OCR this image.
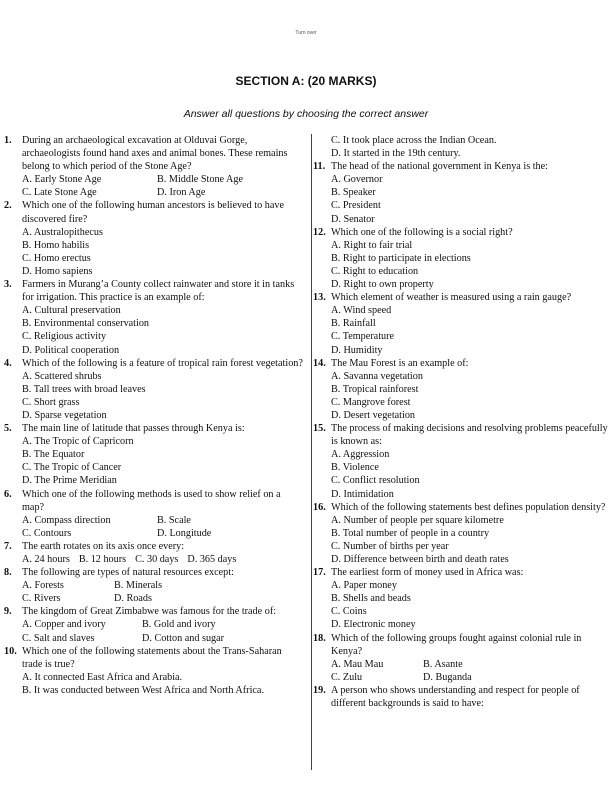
Turn over
SECTION A: (20 MARKS)
Answer all questions by choosing the correct answer
1. During an archaeological excavation at Olduvai Gorge, archaeologists found hand axes and animal bones. These remains belong to which period of the Stone Age?
A. Early Stone Age	B. Middle Stone Age
C. Late Stone Age	D. Iron Age
2. Which one of the following human ancestors is believed to have discovered fire?
A. Australopithecus
B. Homo habilis
C. Homo erectus
D. Homo sapiens
3. Farmers in Murang’a County collect rainwater and store it in tanks for irrigation. This practice is an example of:
A. Cultural preservation
B. Environmental conservation
C. Religious activity
D. Political cooperation
4. Which of the following is a feature of tropical rain forest vegetation?
A. Scattered shrubs
B. Tall trees with broad leaves
C. Short grass
D. Sparse vegetation
5. The main line of latitude that passes through Kenya is:
A. The Tropic of Capricorn
B. The Equator
C. The Tropic of Cancer
D. The Prime Meridian
6. Which one of the following methods is used to show relief on a map?
A. Compass direction	B. Scale
C. Contours	D. Longitude
7. The earth rotates on its axis once every:
A. 24 hours B. 12 hours C. 30 days D. 365 days
8. The following are types of natural resources except:
A. Forests	B. Minerals
C. Rivers	D. Roads
9. The kingdom of Great Zimbabwe was famous for the trade of:
A. Copper and ivory	B. Gold and ivory
C. Salt and slaves	D. Cotton and sugar
10. Which one of the following statements about the Trans-Saharan trade is true?
A. It connected East Africa and Arabia.
B. It was conducted between West Africa and North Africa.
C. It took place across the Indian Ocean.
D. It started in the 19th century.
11. The head of the national government in Kenya is the:
A. Governor
B. Speaker
C. President
D. Senator
12. Which one of the following is a social right?
A. Right to fair trial
B. Right to participate in elections
C. Right to education
D. Right to own property
13. Which element of weather is measured using a rain gauge?
A. Wind speed
B. Rainfall
C. Temperature
D. Humidity
14. The Mau Forest is an example of:
A. Savanna vegetation
B. Tropical rainforest
C. Mangrove forest
D. Desert vegetation
15. The process of making decisions and resolving problems peacefully is known as:
A. Aggression
B. Violence
C. Conflict resolution
D. Intimidation
16. Which of the following statements best defines population density?
A. Number of people per square kilometre
B. Total number of people in a country
C. Number of births per year
D. Difference between birth and death rates
17. The earliest form of money used in Africa was:
A. Paper money
B. Shells and beads
C. Coins
D. Electronic money
18. Which of the following groups fought against colonial rule in Kenya?
A. Mau Mau	B. Asante
C. Zulu	D. Buganda
19. A person who shows understanding and respect for people of different backgrounds is said to have:
